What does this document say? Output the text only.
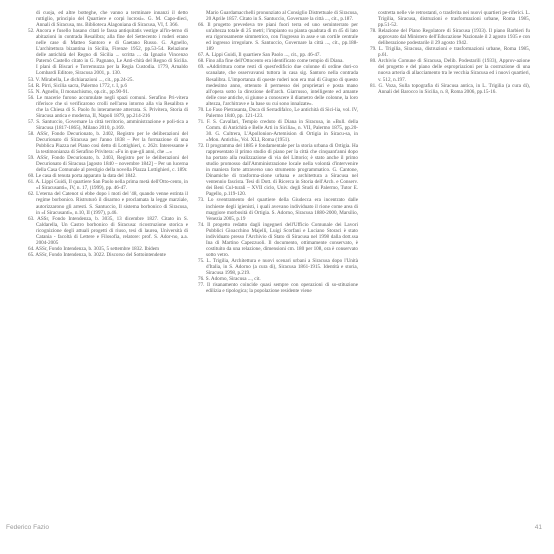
di cuoja, ed altre botteghe, che vanno a terminare innanzi il detto ruttiglio, principio del Quartiere e corpi locrosi». G. M. Capo-dieci, Annali di Siracusa, ms. Biblioteca Alagoniana di Siracusa, VI, f. 366.

52. Ancora e fusello basano citati le fassa antiquitatis vestige all'in-terno di abitazioni in contrada Resalibra; alla fine del Settecento i ruderi erano nelle case di Matteo Santoro e di Gaetano Russo. G. Agnello, L'architettura bizantina in Sicilia, Firenze 1952, pp.53-54. Relazione delle antichità del Regno di Sicilia ... scritta ... da Ignazio Vincenzo Paternò Castello citato in G. Pagnano, Le Anti-chità del Regno di Sicilia. I plani di Biscari e Torremuzza per la Regia Custodia. 1779, Arnaldo Lombardi Editore, Siracusa 2001, p. 130.

53. V. Mirabella, Le dichiarazioni ..., cit., pp.24-25.

54. R. Pirri, Sicilia sacra, Palermo 1772, t. I, p.6

55. N. Agnello, Il monachismo, op.cit., pp.90-91.

56. Le macerie furono accumulate negli spazi comuni. Serafino Pri-vitera riferisce che si verificarono crolli nell'area intorno alla via Resalibra e che la Chiesa di S. Paolo fu interamente atterrata. S. Privitera, Storia di Siracusa antica e moderna, II, Napoli 1879, pp.214-216

57. S. Santuccio, Governare la città territorio, amministrazione e poli-tica a Siracusa (1817-1865), Milano 2010, p.169.

58. ASSr, Fondo Decurionato, b. 2402, Registro per le deliberazioni del Decurionato di Siracusa per l'anno 1838 – Per la formazione di una Pubblica Piazza nel Piano così detto di Lottighieri, c. 262r. Interessante è la testimonianza di Serafino Privitera: «Fu in que-gli anni, che ...»

59. ASSr, Fondo Decurionato, b. 2403, Registro per le deliberazioni del Decurionato di Siracusa [agosto 1840 – novembre 1842] – Per un lucerna della Casa Comunale al prestigio della novella Piazza Lottighieri, c. 189r.

60. Le casa di tenuta porta apparato la data del 1842.

61. A. Lippi Guidi, Il quartiere San Paolo nella prima metà dell'Otto-cento, in «I Siracusanti», IV, n. 17, (1999), pp. 46-47.

62. L'eterna del Catenot si ebbe dopo i moti del '48, quando venne estinta il regime borbonico. Ristruturò il disarmo e proclamata la legge marziale, autorizzarono gli arresti. S. Santuccio, Il sistema borbonico di Siracusa, in «I Siracusanti», n.10, II (1997), p.46.

63. ASSr, Fondo Intendenza, b. 3035, 13 dicembre 1827. Citato in S. Caldarella, Un Castro borbonico di Siracusa: ricostruzione storica e ricognizione degli attuali progetti di riuso, tesi di laurea, Università di Catania - facoltà di Lettere e Filosofia, relatore: prof. S. Ador-no, a.a. 2004-2005

64. ASSr, Fondo Intendenza, b. 3035, 5 settembre 1832. Ibidem

65. ASSr, Fondo Intendenza, b. 3022. Discorso del Sottointendente

Mario Guardamacchelli pronunziato al Consiglio Distrettuale di Siracusa, 20 Aprile 1857. Citato in S. Santuccio, Governare la città ..., cit., p.187.

66. Il progetto prevedeva tre piani fuori terra ed uno seminterrato per un'altezza totale di 25 metri; l'impianto su pianta quadrata di m 45 di lato era rigorosamente simmetrico, con l'ingresso in asse e un cortile centrale ed ingresso irregolare. S. Santuccio, Governare la città ..., cit., pp.188-189

67. A. Lippi Guidi, Il quartiere San Paolo ..., cit., pp. 46-47.

68. Fino alla fine dell'Ottocento era identificato come tempio di Diana.

69. «Addirittura come resti di quest'edificio due colonne di ordine dori-co scanalate, che osservavansi tuttora in casa sig. Santoro nella contrada Resalibra. L'importanza di queste ruderi non era mai di Giugno di questo medesimo anno, ottenuto il permesso dei proprietari e posta mano all'opera sotto la direzione dell'arch. Giarrusso, intelligente ed amante delle cose antiche, si giunse a conoscere il diametro delle colonne, la loro altezza, l'architrave e la base su cui sono innalzate».

70. Lo Faso Pietrasanta, Duca di Serradifalco, Le antichità di Sici-lia, vol. IV, Palermo 1840, pp. 121-123.

71. F. S. Cavallari, Tempio creduto di Diana in Siracusa, in «Bull. della Comm. di Antichità e Belle Arti in Sicilia», n. VII, Palermo 1875, pp.20-30. G. Cultrera, L'Apollonion-Artemision di Ortigia in Siracu-sa, in «Mon. Antichi», Vol. XLI, Roma (1951).

72. Il programma del 1885 è fondamentale per la storia urbana di Ortigia. Ha rappresentato il primo studio di piano per la città che cinquant'anni dopo ha portato alla realizzazione di via del Littorio; è stato anche il primo studio promosso dall'Amministrazione locale nella volontà d'intervenire in maniera forte attraverso uno strumento programmatico. G. Cantone, Dinamiche di trasforma-zione urbana e architettura a Siracusa nel ventennio fascista. Tesi di Dott. di Ricerca in Storia dell'Arch. e Conserv. dei Beni Cul-turali – XVII ciclo, Univ. degli Studi di Palermo, Tutor E. Pagello, p.119-120.

73. Lo sventramento del quartiere della Giudecca era incentrato dalle inchieste degli igienisti, i quali avevano individuato il rione come area di maggiore morbosità di Ortigia. S. Adorno, Siracusa 1880-2000, Marsilio, Venezia 2005, p.19

74. Il progetto redatto dagli ingegneri dell'Ufficio Comunale dei Lavori Pubblici Gioacchino Majelli, Luigi Scorfani e Luciano Storaci è stato individuato presso l'Archivio di Stato di Siracusa nel 1998 dalla dott.ssa Ina di Martino Capezzuoli. Il documento, ottimamente conservato, è costituito da una relazione, dimensioni cm. 180 per 108, ora è conservato sotto vetro.

75. L. Trigilia, Architettura e nuovi scenari urbani a Siracusa dopo l'Unità d'Italia, in S. Adorno (a cura di), Siracusa 1861-1915. Identità e storia, Siracusa 1998, p.219.

76. S. Adorno, Siracusa ..., cit.

77. Il risanamento coincide quasi sempre con operazioni di so-stituzione edilizia e tipologica; la popolazione residente viene

costretta nelle vie retrostanti, o trasferita nei nuovi quartieri pe-riferici. L. Trigilia, Siracusa, distruzioni e trasformazioni urbane, Roma 1985, pp.51-52.

78. Relazione del Piano Regolatore di Siracusa (1933). Il piano Barbieri fu approvato dal Ministero dell'Educazione Nazionale il 2 agosto 1935 e con deliberazione podestarile il 29 agosto 1942.

79. L. Trigilia, Siracusa, distruzioni e trasformazioni urbane, Roma 1985, p.61.

80. Archivio Comune di Siracusa, Delib. Podestarili (1933), Approv-azione del progetto e del piano delle espropriazioni per la costruzione di una nuova arteria di allacciamento tra le vecchia Siracusa ed i nuovi quartieri, v. 512, n.197.

81. G. Voza, Sulla topografia di Siracusa antica, in L. Trigilia (a cura di), Annali del Barocco in Sicilia, n. 8, Roma 2006, pp.15-16.

Federico Fazio	41
